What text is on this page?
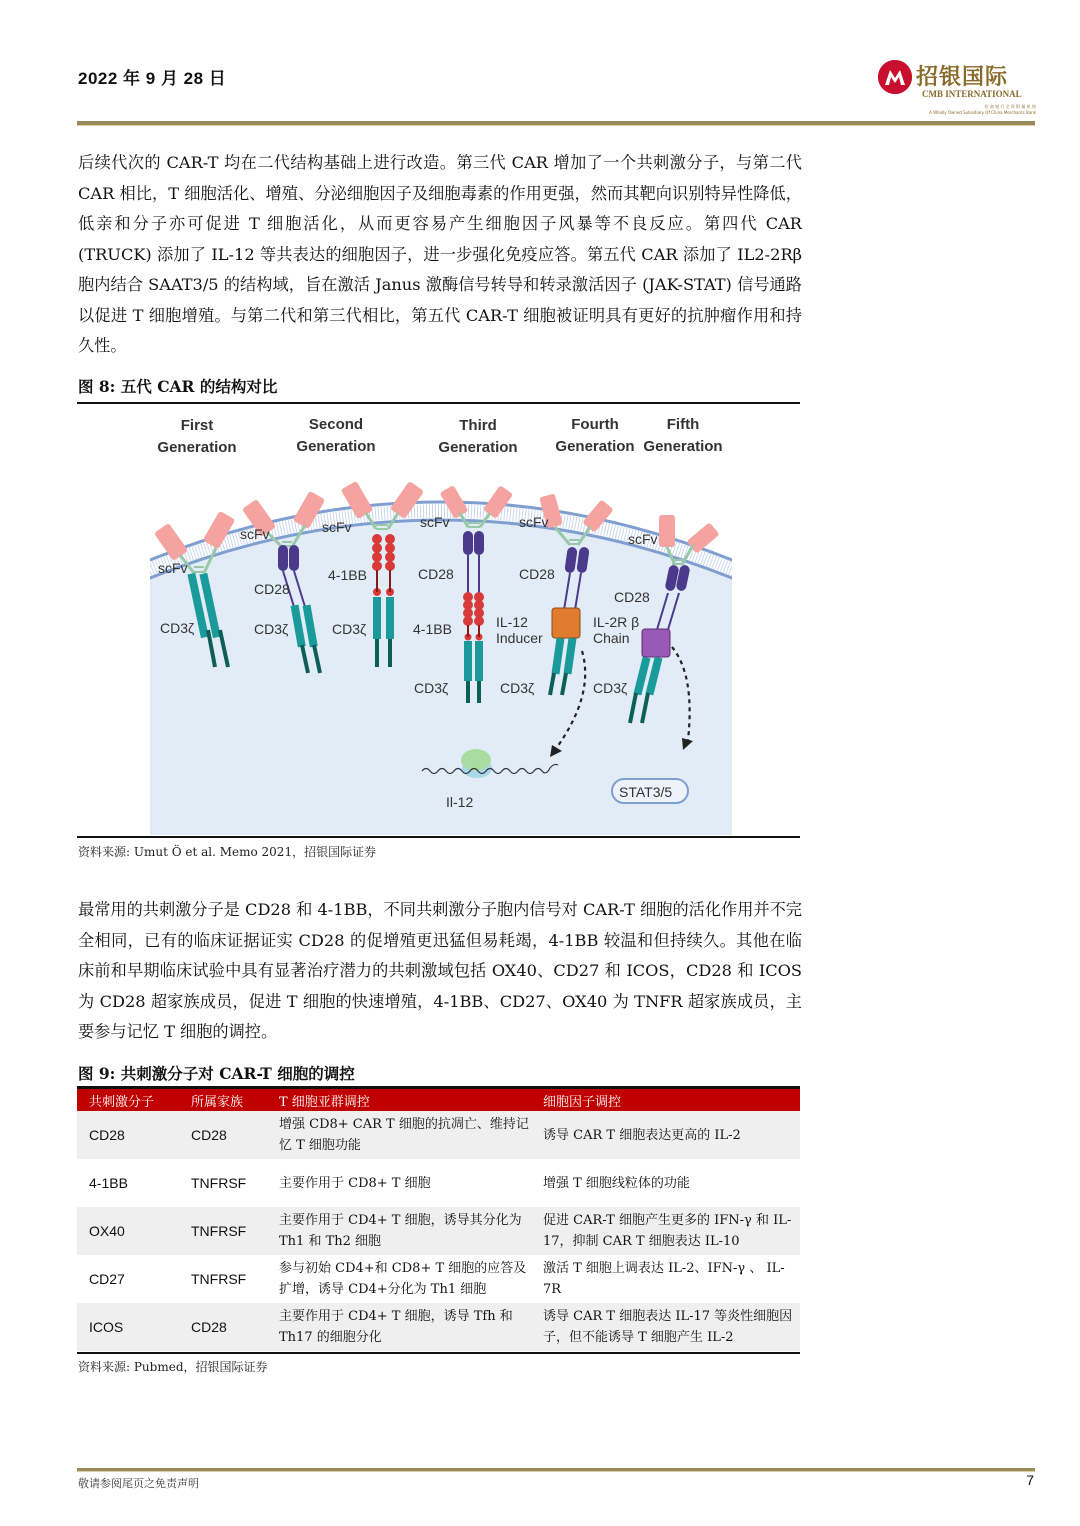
2022 年 9 月 28 日	招银国际
CMB INTERNATIONAL
招 商 银 行 全 资 附 属 机 构
A Wholly Owned Subsidiary Of China Merchants Bank
后续代次的 CAR-T 均在二代结构基础上进行改造。第三代 CAR 增加了一个共刺激分子，与第二代 CAR 相比，T 细胞活化、增殖、分泌细胞因子及细胞毒素的作用更强，然而其靶向识别特异性降低，低亲和分子亦可促进 T 细胞活化，从而更容易产生细胞因子风暴等不良反应。第四代 CAR (TRUCK) 添加了 IL-12 等共表达的细胞因子，进一步强化免疫应答。第五代 CAR 添加了 IL2-2Rβ 胞内结合 SAAT3/5 的结构域，旨在激活 Janus 激酶信号转导和转录激活因子 (JAK-STAT) 信号通路以促进 T 细胞增殖。与第二代和第三代相比，第五代 CAR-T 细胞被证明具有更好的抗肿瘤作用和持久性。
图 8: 五代 CAR 的结构对比
First
Generation
Second
Generation
Third
Generation
Fourth
Generation
Fifth
Generation
scFv
CD3ζ
scFv
CD28
CD3ζ
scFv
4-1BB
CD3ζ
scFv
CD28
4-1BB
CD3ζ
scFv
CD28
IL-12
Inducer
CD3ζ
scFv
CD28
IL-2R β
Chain
CD3ζ
Il-12
STAT3/5
资料来源: Umut Ö et al. Memo 2021，招银国际证券
最常用的共刺激分子是 CD28 和 4-1BB，不同共刺激分子胞内信号对 CAR-T 细胞的活化作用并不完全相同，已有的临床证据证实 CD28 的促增殖更迅猛但易耗竭，4-1BB 较温和但持续久。其他在临床前和早期临床试验中具有显著治疗潜力的共刺激域包括 OX40、CD27 和 ICOS，CD28 和 ICOS 为 CD28 超家族成员，促进 T 细胞的快速增殖，4-1BB、CD27、OX40 为 TNFR 超家族成员，主要参与记忆 T 细胞的调控。
图 9: 共刺激分子对 CAR-T 细胞的调控
共刺激分子	所属家族	T 细胞亚群调控	细胞因子调控
CD28	CD28	增强 CD8+ CAR T 细胞的抗凋亡、维持记忆 T 细胞功能	诱导 CAR T 细胞表达更高的 IL-2
4-1BB	TNFRSF	主要作用于 CD8+ T 细胞	增强 T 细胞线粒体的功能
OX40	TNFRSF	主要作用于 CD4+ T 细胞，诱导其分化为 Th1 和 Th2 细胞	促进 CAR-T 细胞产生更多的 IFN-γ 和 IL-17，抑制 CAR T 细胞表达 IL-10
CD27	TNFRSF	参与初始 CD4+和 CD8+ T 细胞的应答及扩增，诱导 CD4+分化为 Th1 细胞	激活 T 细胞上调表达 IL-2、IFN-γ 、 IL-7R
ICOS	CD28	主要作用于 CD4+ T 细胞，诱导 Tfh 和 Th17 的细胞分化	诱导 CAR T 细胞表达 IL-17 等炎性细胞因子，但不能诱导 T 细胞产生 IL-2
资料来源: Pubmed，招银国际证券
敬请参阅尾页之免责声明	7
